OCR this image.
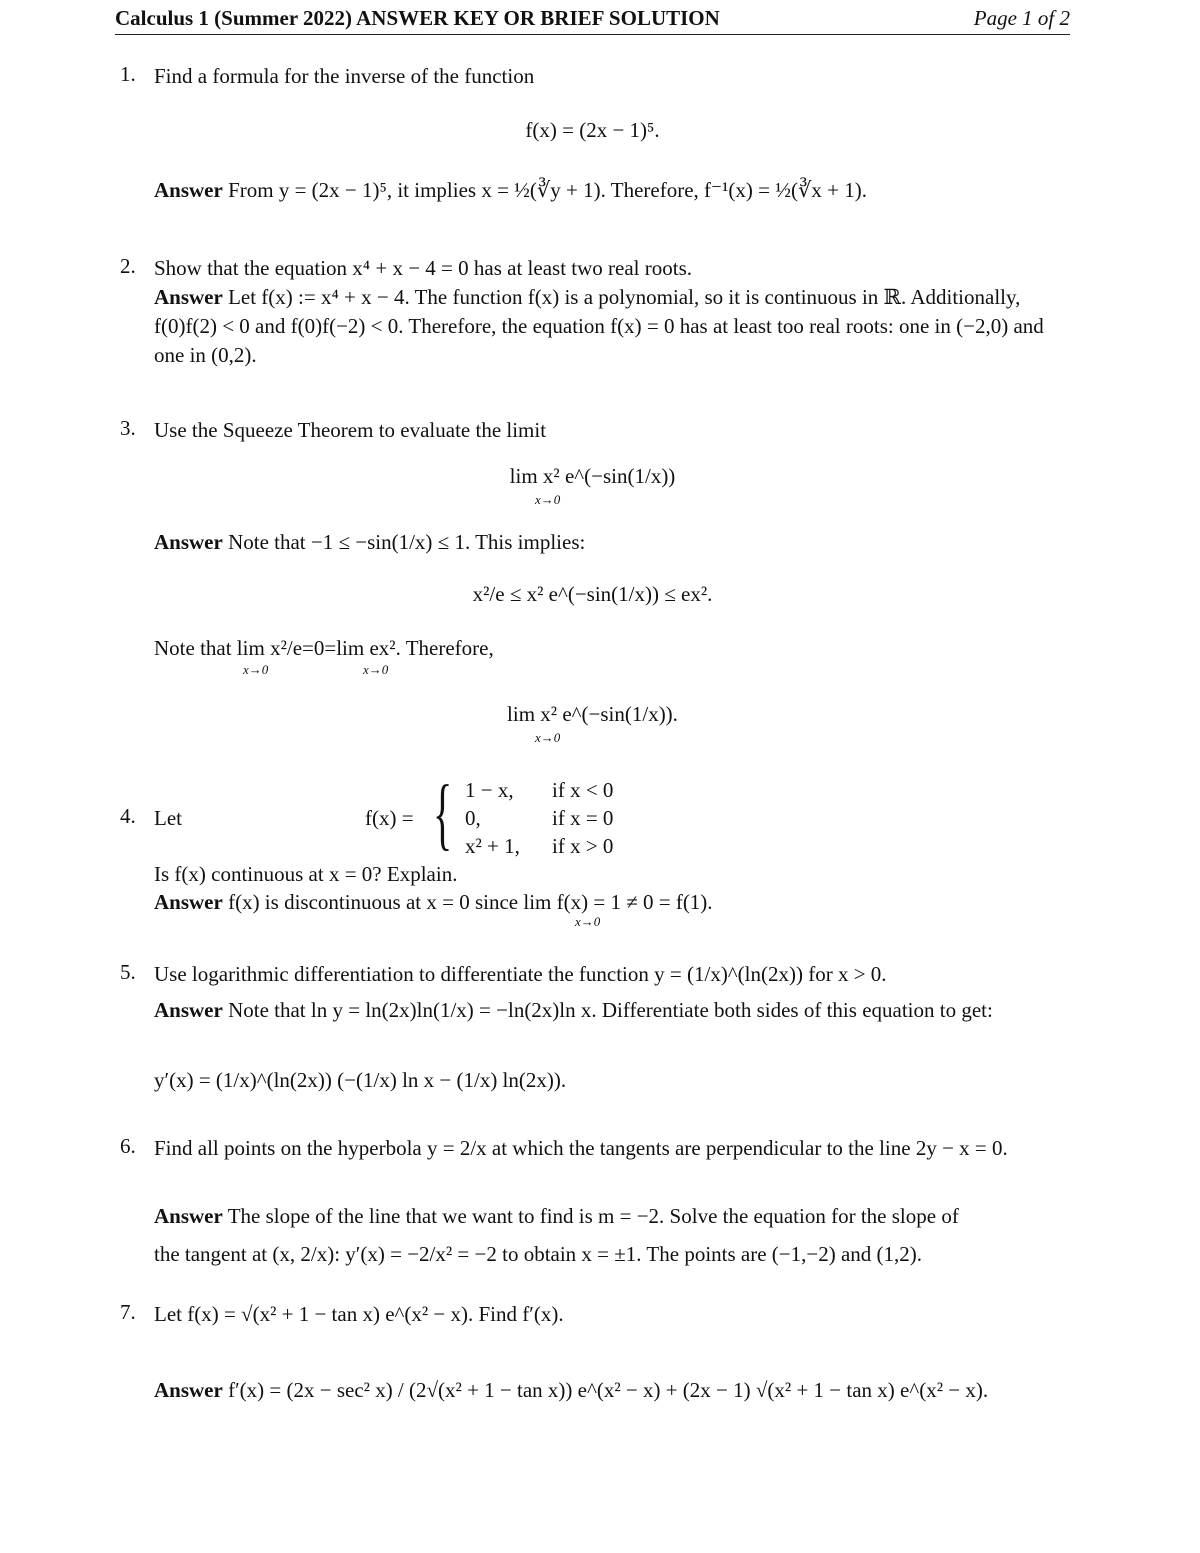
Calculus 1 (Summer 2022) ANSWER KEY OR BRIEF SOLUTION	Page 1 of 2
1. Find a formula for the inverse of the function
f(x) = (2x − 1)⁵.
Answer From y = (2x − 1)⁵, it implies x = ½(∛y + 1). Therefore, f⁻¹(x) = ½(∛x + 1).
2. Show that the equation x⁴ + x − 4 = 0 has at least two real roots.
Answer Let f(x) := x⁴ + x − 4. The function f(x) is a polynomial, so it is continuous in ℝ. Additionally, f(0)f(2) < 0 and f(0)f(−2) < 0. Therefore, the equation f(x) = 0 has at least too real roots: one in (−2,0) and one in (0,2).
3. Use the Squeeze Theorem to evaluate the limit
lim x² e^(−sin(1/x))
x→0
Answer Note that −1 ≤ −sin(1/x) ≤ 1. This implies:
x²/e ≤ x² e^(−sin(1/x)) ≤ ex².
Note that lim x²/e=0=lim ex². Therefore,
x→0	x→0
lim x² e^(−sin(1/x)).
x→0
4. Let	f(x) = { 1 − x, if x < 0
0,	if x = 0
x² + 1, if x > 0
Is f(x) continuous at x = 0? Explain.
Answer f(x) is discontinuous at x = 0 since lim f(x) = 1 ≠ 0 = f(1).
x→0
5. Use logarithmic differentiation to differentiate the function y = (1/x)^(ln(2x)) for x > 0.
Answer Note that ln y = ln(2x)ln(1/x) = −ln(2x)ln x. Differentiate both sides of this equation to get:
y′(x) = (1/x)^(ln(2x)) (−(1/x) ln x − (1/x) ln(2x)).
6. Find all points on the hyperbola y = 2/x at which the tangents are perpendicular to the line 2y − x = 0.
Answer The slope of the line that we want to find is m = −2. Solve the equation for the slope of
the tangent at (x, 2/x): y′(x) = −2/x² = −2 to obtain x = ±1. The points are (−1,−2) and (1,2).
7. Let f(x) = √(x² + 1 − tan x) e^(x² − x). Find f′(x).
Answer f′(x) = (2x − sec² x) / (2√(x² + 1 − tan x)) e^(x² − x) + (2x − 1) √(x² + 1 − tan x) e^(x² − x).
